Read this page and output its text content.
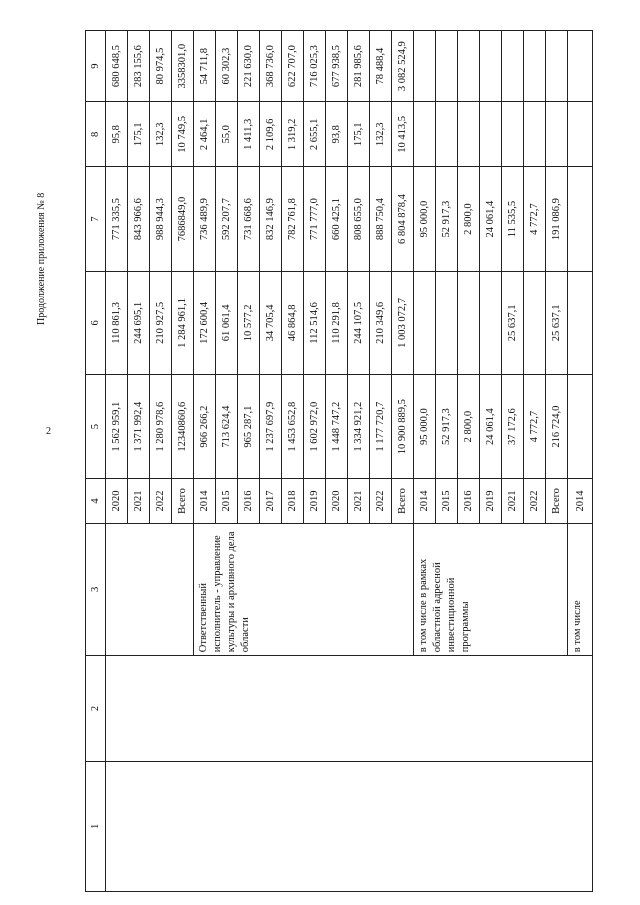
2
Продолжение приложения № 8
1	2	3	4	5	6	7	8	9
			2020	1 562 959,1	110 861,3	771 335,5	95,8	680 648,5
			2021	1 371 992,4	244 695,1	843 966,6	175,1	283 155,6
			2022	1 280 978,6	210 927,5	988 944,3	132,3	80 974,5
			Всего	12340860,6	1 284 961,1	7686849,0	10 749,5	3358301,0
		Ответственный исполнитель - управление культуры и архивного дела области	2014	966 266,2	172 600,4	736 489,9	2 464,1	54 711,8
			2015	713 624,4	61 061,4	592 207,7	55,0	60 302,3
			2016	965 287,1	10 577,2	731 668,6	1 411,3	221 630,0
			2017	1 237 697,9	34 705,4	832 146,9	2 109,6	368 736,0
			2018	1 453 652,8	46 864,8	782 761,8	1 319,2	622 707,0
			2019	1 602 972,0	112 514,6	771 777,0	2 655,1	716 025,3
			2020	1 448 747,2	110 291,8	660 425,1	93,8	677 938,5
			2021	1 334 921,2	244 107,5	808 655,0	175,1	281 985,6
			2022	1 177 720,7	210 349,6	888 750,4	132,3	78 488,4
			Всего	10 900 889,5	1 003 072,7	6 804 878,4	10 413,5	3 082 524,9
		в том числе в рамках областной адресной инвестиционной программы	2014	95 000,0		95 000,0		
			2015	52 917,3		52 917,3		
			2016	2 800,0		2 800,0		
			2019	24 061,4		24 061,4		
			2021	37 172,6	25 637,1	11 535,5		
			2022	4 772,7		4 772,7		
			Всего	216 724,0	25 637,1	191 086,9		
		в том числе	2014					
